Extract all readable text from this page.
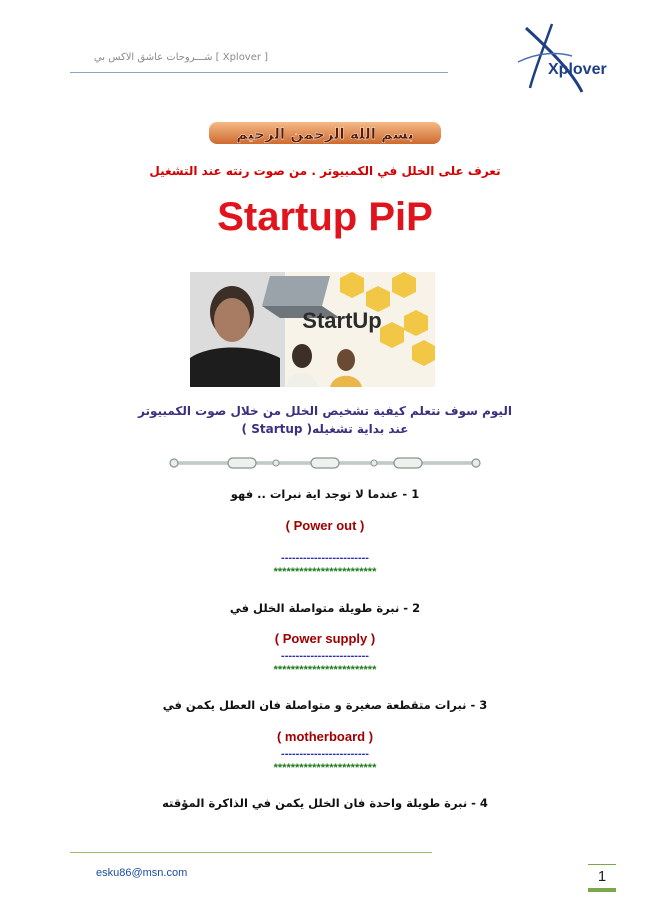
شـــروحات عاشق الاكس بي [ Xplover ]
Xplover
بسم الله الرحمن الرحيم
تعرف على الخلل في الكمبيوتر . من صوت رنته عند التشغيل
Startup PiP
StartUp
اليوم سوف نتعلم كيفية تشخيص الخلل من خلال صوت الكمبيوتر
عند بداية تشغيله( Startup )
1 - عندما لا توجد اية نبرات .. فهو
( Power out )
------------------------
************************
2 - نبرة طويلة متواصلة الخلل في
( Power supply )
------------------------
************************
3 - نبرات متقطعة صغيرة و متواصلة فان العطل يكمن في
( motherboard )
------------------------
************************
4 - نبرة طويلة واحدة فان الخلل يكمن في الذاكرة المؤقته
esku86@msn.com	1
